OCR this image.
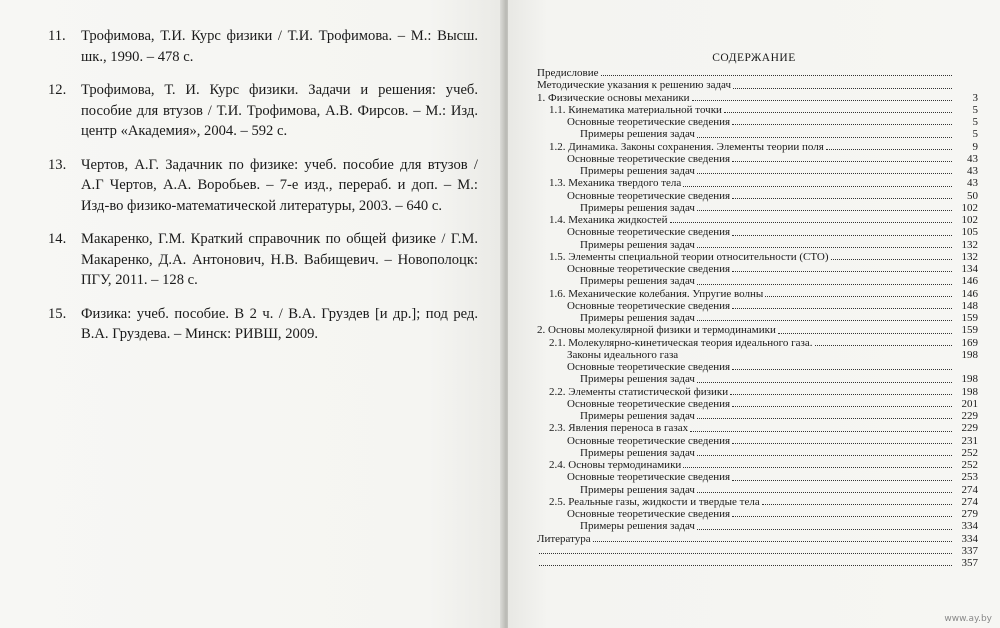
11. Трофимова, Т.И. Курс физики / Т.И. Трофимова. – М.: Высш. шк., 1990. – 478 с.
12. Трофимова, Т. И. Курс физики. Задачи и решения: учеб. пособие для втузов / Т.И. Трофимова, А.В. Фирсов. – М.: Изд. центр «Академия», 2004. – 592 с.
13. Чертов, А.Г. Задачник по физике: учеб. пособие для втузов / А.Г Чертов, А.А. Воробьев. – 7-е изд., перераб. и доп. – М.: Изд-во физико-математической литературы, 2003. – 640 с.
14. Макаренко, Г.М. Краткий справочник по общей физике / Г.М. Макаренко, Д.А. Антонович, Н.В. Вабищевич. – Новополоцк: ПГУ, 2011. – 128 с.
15. Физика: учеб. пособие. В 2 ч. / В.А. Груздев [и др.]; под ред. В.А. Груздева. – Минск: РИВШ, 2009.
СОДЕРЖАНИЕ
Предисловие
Методические указания к решению задач
1. Физические основы механики	3
1.1. Кинематика материальной точки	5
Основные теоретические сведения	5
Примеры решения задач	5
1.2. Динамика. Законы сохранения. Элементы теории поля	9
Основные теоретические сведения	43
Примеры решения задач	43
1.3. Механика твердого тела	43
Основные теоретические сведения	50
Примеры решения задач	102
1.4. Механика жидкостей	102
Основные теоретические сведения	105
Примеры решения задач	132
1.5. Элементы специальной теории относительности (СТО)	132
Основные теоретические сведения	134
Примеры решения задач	146
1.6. Механические колебания. Упругие волны	146
Основные теоретические сведения	148
Примеры решения задач	159
2. Основы молекулярной физики и термодинамики	159
2.1. Молекулярно-кинетическая теория идеального газа.	169
Законы идеального газа	198
Основные теоретические сведения
Примеры решения задач	198
2.2. Элементы статистической физики	198
Основные теоретические сведения	201
Примеры решения задач	229
2.3. Явления переноса в газах	229
Основные теоретические сведения	231
Примеры решения задач	252
2.4. Основы термодинамики	252
Основные теоретические сведения	253
Примеры решения задач	274
2.5. Реальные газы, жидкости и твердые тела	274
Основные теоретические сведения	279
Примеры решения задач	334
Литература	334
337
357
www.ay.by
